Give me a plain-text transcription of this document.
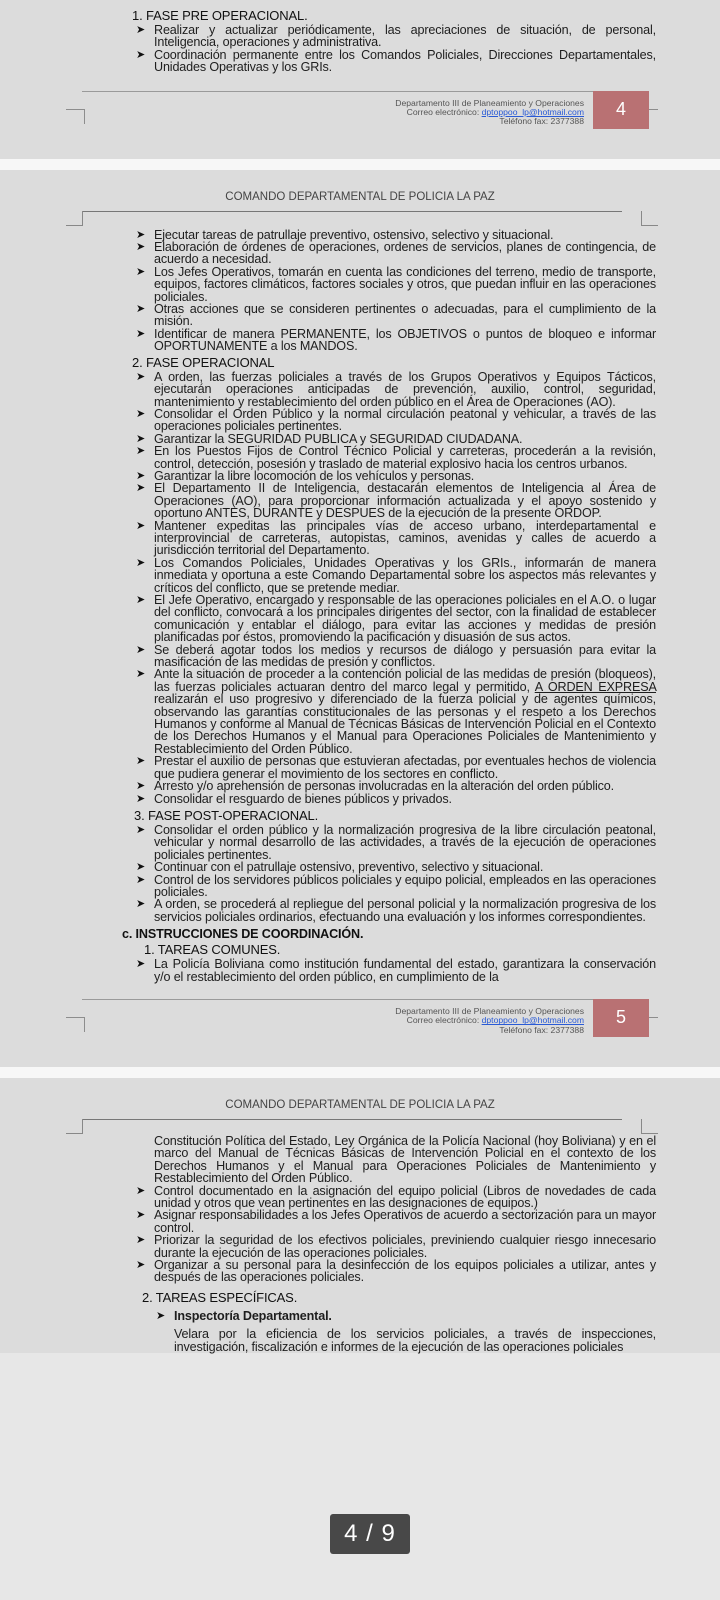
1. FASE PRE OPERACIONAL.
➤ Realizar y actualizar periódicamente, las apreciaciones de situación, de personal, Inteligencia, operaciones y administrativa.
➤ Coordinación permanente entre los Comandos Policiales, Direcciones Departamentales, Unidades Operativas y los GRIs.
Departamento III de Planeamiento y Operaciones
Correo electrónico: dptoppoo_lp@hotmail.com
Teléfono fax: 2377388
4
COMANDO DEPARTAMENTAL DE POLICIA LA PAZ
➤ Ejecutar tareas de patrullaje preventivo, ostensivo, selectivo y situacional.
➤ Elaboración de órdenes de operaciones, ordenes de servicios, planes de contingencia, de acuerdo a necesidad.
➤ Los Jefes Operativos, tomarán en cuenta las condiciones del terreno, medio de transporte, equipos, factores climáticos, factores sociales y otros, que puedan influir en las operaciones policiales.
➤ Otras acciones que se consideren pertinentes o adecuadas, para el cumplimiento de la misión.
➤ Identificar de manera PERMANENTE, los OBJETIVOS o puntos de bloqueo e informar OPORTUNAMENTE a los MANDOS.
2. FASE OPERACIONAL
➤ A orden, las fuerzas policiales a través de los Grupos Operativos y Equipos Tácticos, ejecutarán operaciones anticipadas de prevención, auxilio, control, seguridad, mantenimiento y restablecimiento del orden público en el Área de Operaciones (AO).
➤ Consolidar el Orden Público y la normal circulación peatonal y vehicular, a través de las operaciones policiales pertinentes.
➤ Garantizar la SEGURIDAD PUBLICA y SEGURIDAD CIUDADANA.
➤ En los Puestos Fijos de Control Técnico Policial y carreteras, procederán a la revisión, control, detección, posesión y traslado de material explosivo hacia los centros urbanos.
➤ Garantizar la libre locomoción de los vehículos y personas.
➤ El Departamento II de Inteligencia, destacarán elementos de Inteligencia al Área de Operaciones (AO), para proporcionar información actualizada y el apoyo sostenido y oportuno ANTES, DURANTE y DESPUES de la ejecución de la presente ORDOP.
➤ Mantener expeditas las principales vías de acceso urbano, interdepartamental e interprovincial de carreteras, autopistas, caminos, avenidas y calles de acuerdo a jurisdicción territorial del Departamento.
➤ Los Comandos Policiales, Unidades Operativas y los GRIs., informarán de manera inmediata y oportuna a este Comando Departamental sobre los aspectos más relevantes y críticos del conflicto, que se pretende mediar.
➤ El Jefe Operativo, encargado y responsable de las operaciones policiales en el A.O. o lugar del conflicto, convocará a los principales dirigentes del sector, con la finalidad de establecer comunicación y entablar el diálogo, para evitar las acciones y medidas de presión planificadas por éstos, promoviendo la pacificación y disuasión de sus actos.
➤ Se deberá agotar todos los medios y recursos de diálogo y persuasión para evitar la masificación de las medidas de presión y conflictos.
➤ Ante la situación de proceder a la contención policial de las medidas de presión (bloqueos), las fuerzas policiales actuaran dentro del marco legal y permitido, A ORDEN EXPRESA realizarán el uso progresivo y diferenciado de la fuerza policial y de agentes químicos, observando las garantías constitucionales de las personas y el respeto a los Derechos Humanos y conforme al Manual de Técnicas Básicas de Intervención Policial en el Contexto de los Derechos Humanos y el Manual para Operaciones Policiales de Mantenimiento y Restablecimiento del Orden Público.
➤ Prestar el auxilio de personas que estuvieran afectadas, por eventuales hechos de violencia que pudiera generar el movimiento de los sectores en conflicto.
➤ Arresto y/o aprehensión de personas involucradas en la alteración del orden público.
➤ Consolidar el resguardo de bienes públicos y privados.
3. FASE POST-OPERACIONAL.
➤ Consolidar el orden público y la normalización progresiva de la libre circulación peatonal, vehicular y normal desarrollo de las actividades, a través de la ejecución de operaciones policiales pertinentes.
➤ Continuar con el patrullaje ostensivo, preventivo, selectivo y situacional.
➤ Control de los servidores públicos policiales y equipo policial, empleados en las operaciones policiales.
➤ A orden, se procederá al repliegue del personal policial y la normalización progresiva de los servicios policiales ordinarios, efectuando una evaluación y los informes correspondientes.
c. INSTRUCCIONES DE COORDINACIÓN.
1. TAREAS COMUNES.
➤ La Policía Boliviana como institución fundamental del estado, garantizara la conservación y/o el restablecimiento del orden público, en cumplimiento de la
Departamento III de Planeamiento y Operaciones
Correo electrónico: dptoppoo_lp@hotmail.com
Teléfono fax: 2377388
5
COMANDO DEPARTAMENTAL DE POLICIA LA PAZ

Constitución Política del Estado, Ley Orgánica de la Policía Nacional (hoy Boliviana) y en el marco del Manual de Técnicas Básicas de Intervención Policial en el contexto de los Derechos Humanos y el Manual para Operaciones Policiales de Mantenimiento y Restablecimiento del Orden Público.

➤ Control documentado en la asignación del equipo policial (Libros de novedades de cada unidad y otros que vean pertinentes en las designaciones de equipos.)
➤ Asignar responsabilidades a los Jefes Operativos de acuerdo a sectorización para un mayor control.
➤ Priorizar la seguridad de los efectivos policiales, previniendo cualquier riesgo innecesario durante la ejecución de las operaciones policiales.
➤ Organizar a su personal para la desinfección de los equipos policiales a utilizar, antes y después de las operaciones policiales.
2. TAREAS ESPECÍFICAS.
➤ Inspectoría Departamental.

Velara por la eficiencia de los servicios policiales, a través de inspecciones, investigación, fiscalización e informes de la ejecución de las operaciones policiales

4 / 9
